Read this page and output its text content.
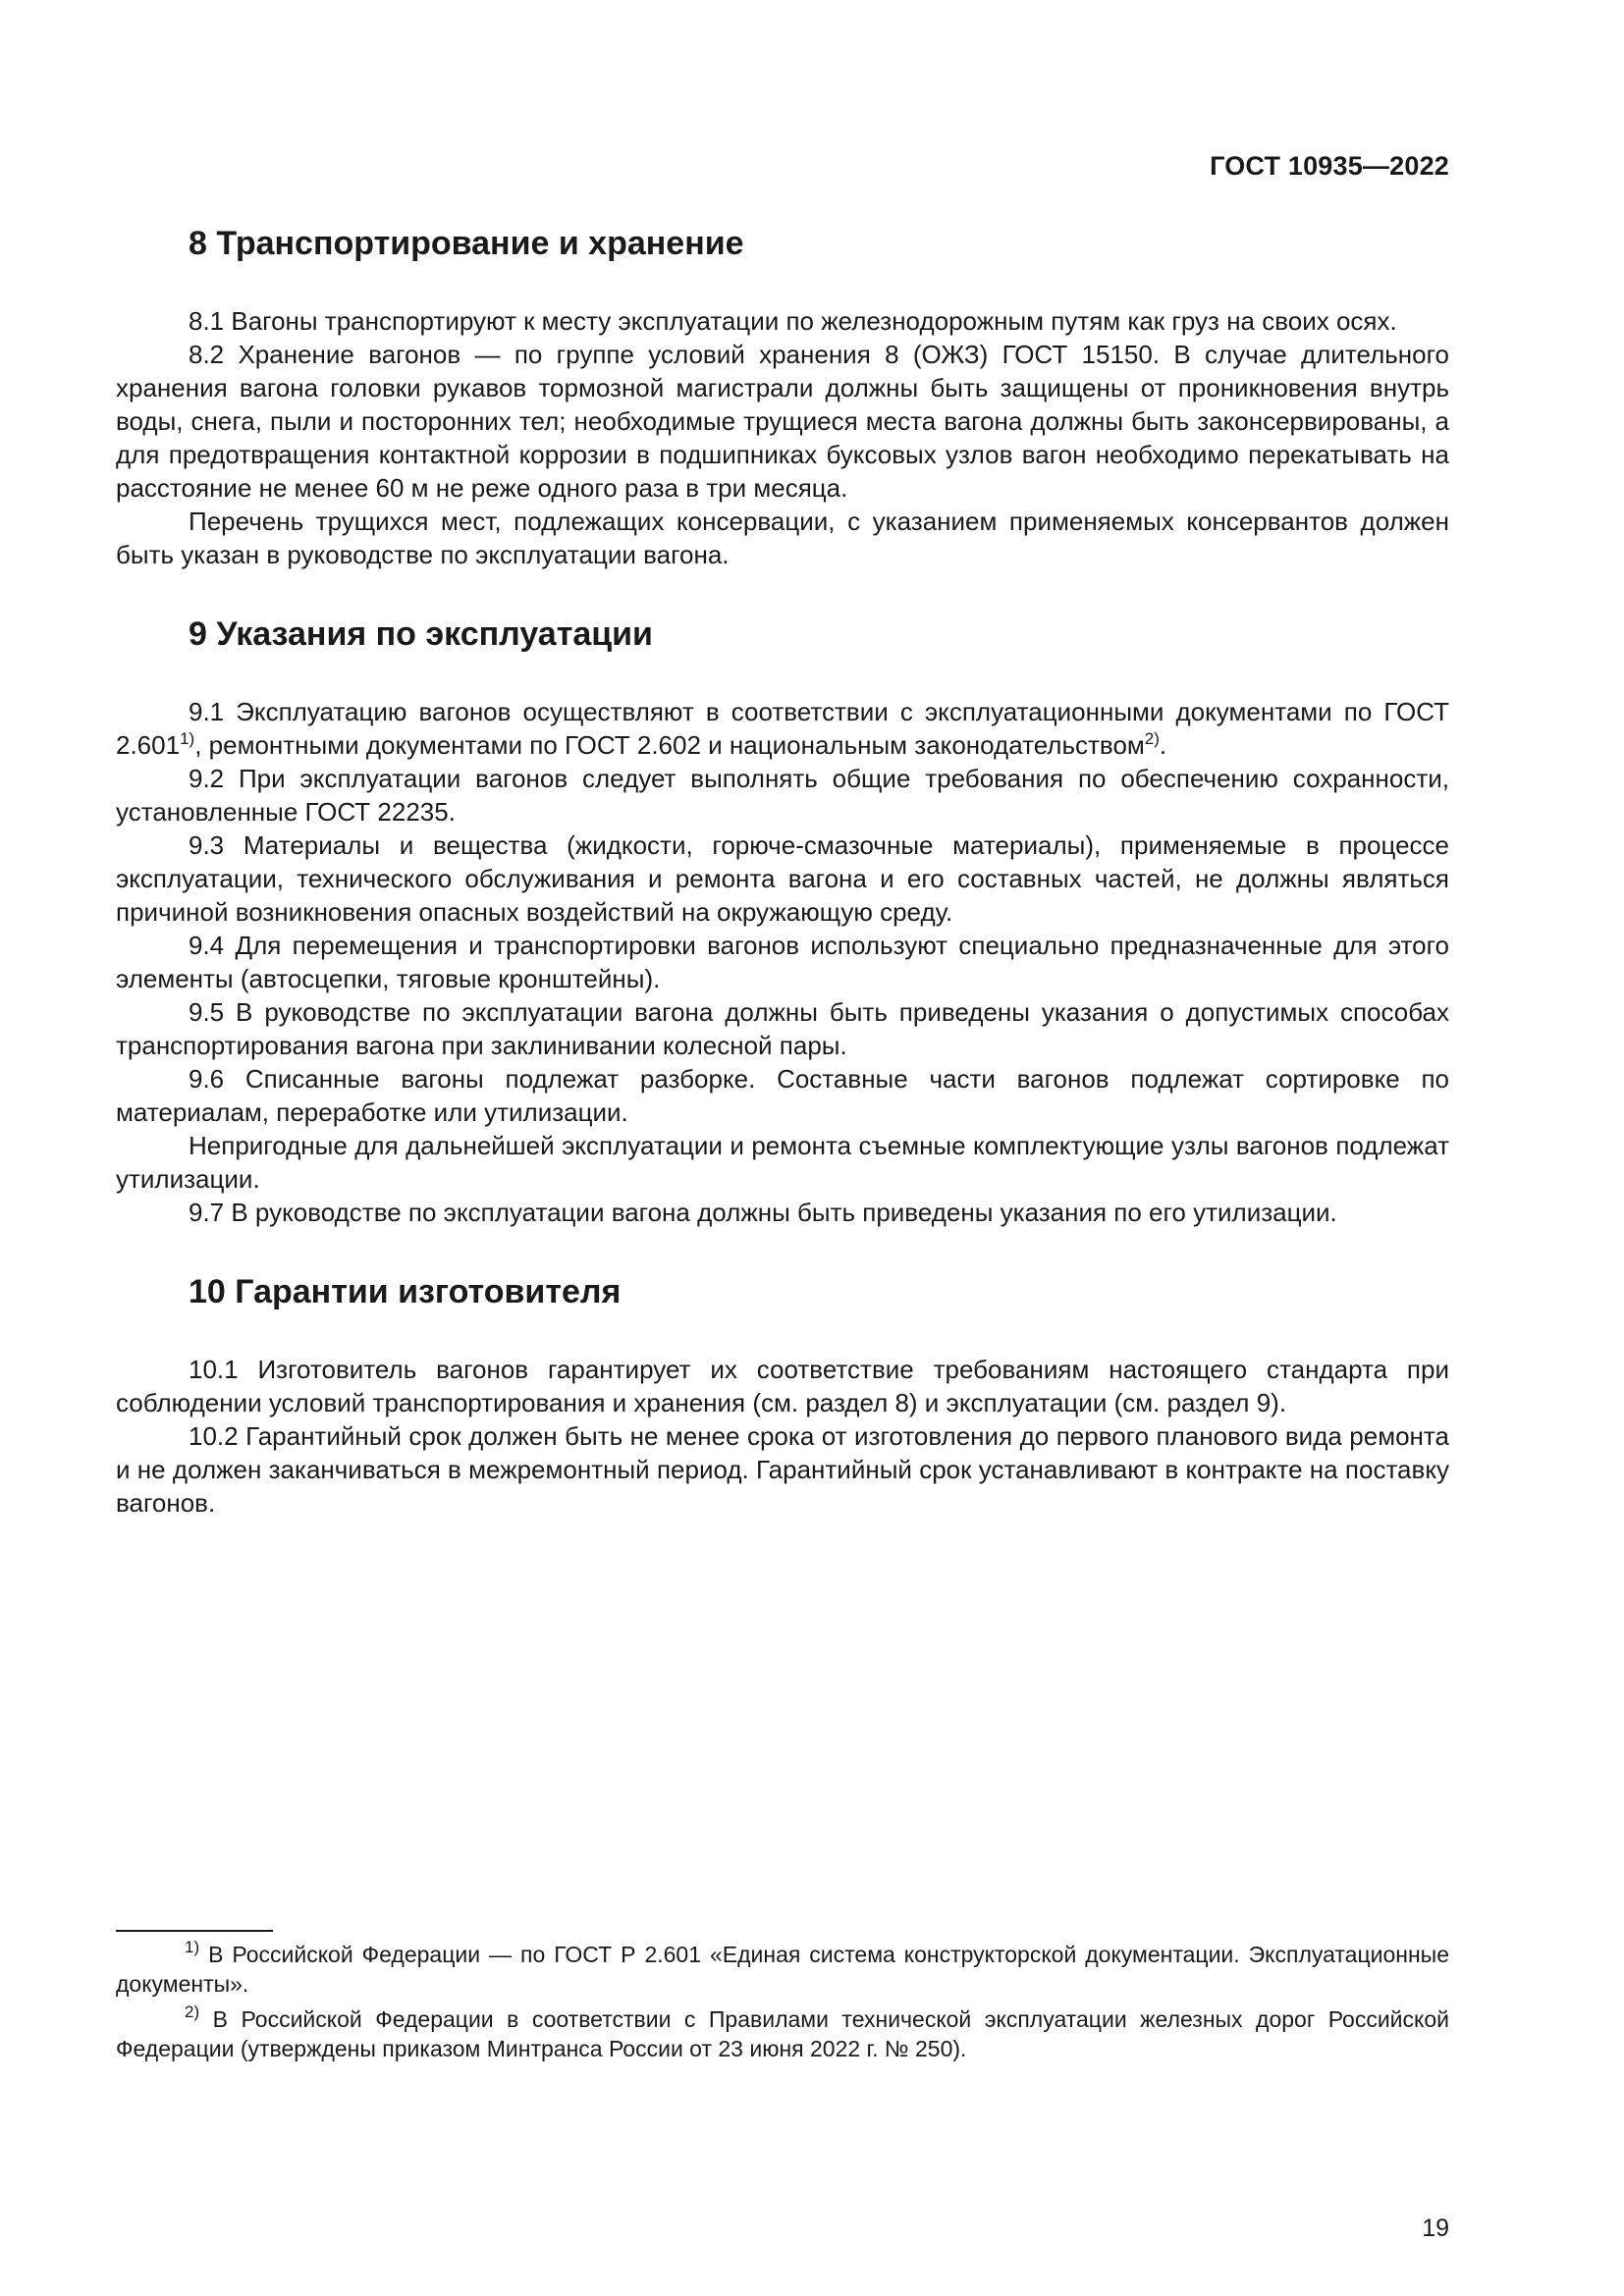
ГОСТ 10935—2022
8 Транспортирование и хранение

8.1 Вагоны транспортируют к месту эксплуатации по железнодорожным путям как груз на своих осях.

8.2 Хранение вагонов — по группе условий хранения 8 (ОЖЗ) ГОСТ 15150. В случае длительного хранения вагона головки рукавов тормозной магистрали должны быть защищены от проникновения внутрь воды, снега, пыли и посторонних тел; необходимые трущиеся места вагона должны быть законсервированы, а для предотвращения контактной коррозии в подшипниках буксовых узлов вагон необходимо перекатывать на расстояние не менее 60 м не реже одного раза в три месяца.

Перечень трущихся мест, подлежащих консервации, с указанием применяемых консервантов должен быть указан в руководстве по эксплуатации вагона.

9 Указания по эксплуатации

9.1 Эксплуатацию вагонов осуществляют в соответствии с эксплуатационными документами по ГОСТ 2.601$^{1)}$, ремонтными документами по ГОСТ 2.602 и национальным законодательством$^{2)}$.

9.2 При эксплуатации вагонов следует выполнять общие требования по обеспечению сохранности, установленные ГОСТ 22235.

9.3 Материалы и вещества (жидкости, горюче-смазочные материалы), применяемые в процессе эксплуатации, технического обслуживания и ремонта вагона и его составных частей, не должны являться причиной возникновения опасных воздействий на окружающую среду.

9.4 Для перемещения и транспортировки вагонов используют специально предназначенные для этого элементы (автосцепки, тяговые кронштейны).

9.5 В руководстве по эксплуатации вагона должны быть приведены указания о допустимых способах транспортирования вагона при заклинивании колесной пары.

9.6 Списанные вагоны подлежат разборке. Составные части вагонов подлежат сортировке по материалам, переработке или утилизации.

Непригодные для дальнейшей эксплуатации и ремонта съемные комплектующие узлы вагонов подлежат утилизации.

9.7 В руководстве по эксплуатации вагона должны быть приведены указания по его утилизации.

10 Гарантии изготовителя

10.1 Изготовитель вагонов гарантирует их соответствие требованиям настоящего стандарта при соблюдении условий транспортирования и хранения (см. раздел 8) и эксплуатации (см. раздел 9).

10.2 Гарантийный срок должен быть не менее срока от изготовления до первого планового вида ремонта и не должен заканчиваться в межремонтный период. Гарантийный срок устанавливают в контракте на поставку вагонов.

$^{1)}$ В Российской Федерации — по ГОСТ Р 2.601 «Единая система конструкторской документации. Эксплуатационные документы».

$^{2)}$ В Российской Федерации в соответствии с Правилами технической эксплуатации железных дорог Российской Федерации (утверждены приказом Минтранса России от 23 июня 2022 г. № 250).

19
